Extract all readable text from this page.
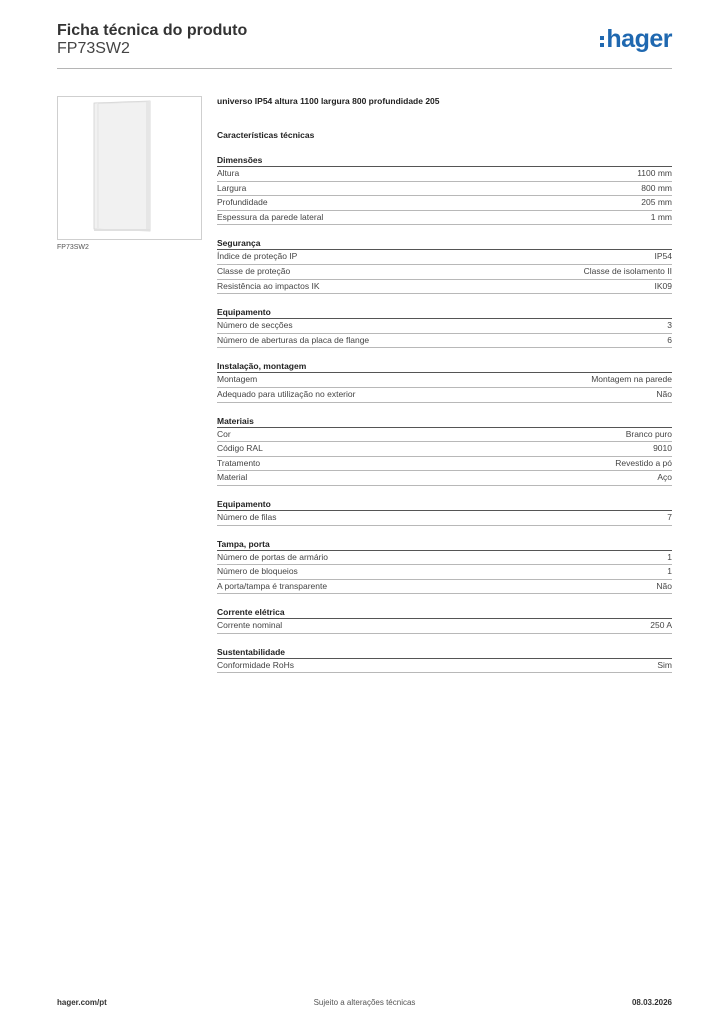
Ficha técnica do produto
FP73SW2	hager
FP73SW2
universo IP54 altura 1100 largura 800 profundidade 205
Características técnicas
Dimensões
Altura	1100 mm
Largura	800 mm
Profundidade	205 mm
Espessura da parede lateral	1 mm
Segurança
Índice de proteção IP	IP54
Classe de proteção	Classe de isolamento II
Resistência ao impactos IK	IK09
Equipamento
Número de secções	3
Número de aberturas da placa de flange	6
Instalação, montagem
Montagem	Montagem na parede
Adequado para utilização no exterior	Não
Materiais
Cor	Branco puro
Código RAL	9010
Tratamento	Revestido a pó
Material	Aço
Equipamento
Número de filas	7
Tampa, porta
Número de portas de armário	1
Número de bloqueios	1
A porta/tampa é transparente	Não
Corrente elétrica
Corrente nominal	250 A
Sustentabilidade
Conformidade RoHs	Sim
hager.com/pt	Sujeito a alterações técnicas	08.03.2026
